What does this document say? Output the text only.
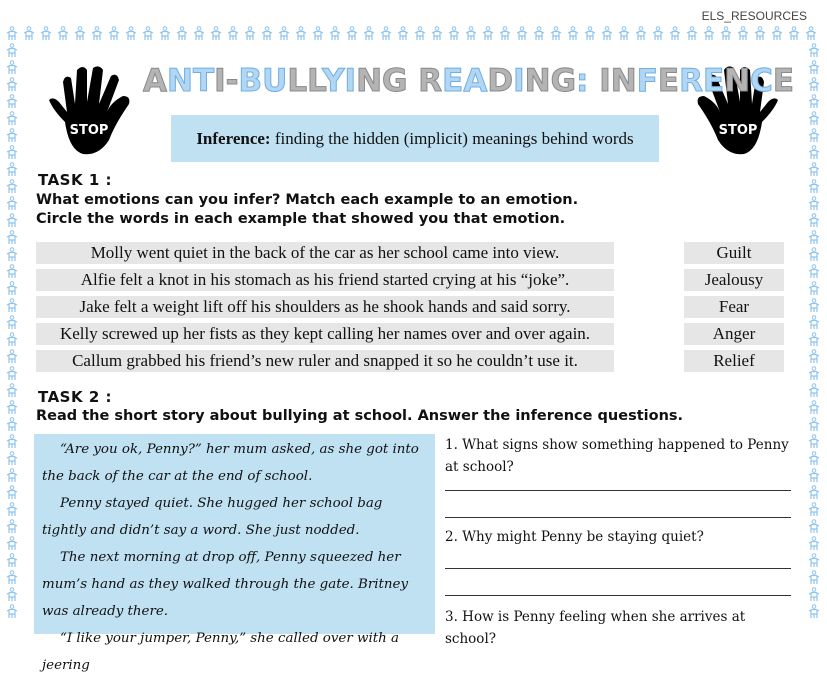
ELS_RESOURCES
STOP	STOP
ANTI-BULLYING READING: INFERENCE
Inference: finding the hidden (implicit) meanings behind words
TASK 1 :
What emotions can you infer? Match each example to an emotion.
Circle the words in each example that showed you that emotion.
Molly went quiet in the back of the car as her school came into view.
Alfie felt a knot in his stomach as his friend started crying at his “joke”.
Jake felt a weight lift off his shoulders as he shook hands and said sorry.
Kelly screwed up her fists as they kept calling her names over and over again.
Callum grabbed his friend’s new ruler and snapped it so he couldn’t use it.
Guilt
Jealousy
Fear
Anger
Relief
TASK 2 :
Read the short story about bullying at school. Answer the inference questions.

“Are you ok, Penny?” her mum asked, as she got into the back of the car at the end of school.

Penny stayed quiet. She hugged her school bag tightly and didn’t say a word. She just nodded.

The next morning at drop off, Penny squeezed her mum’s hand as they walked through the gate. Britney was already there.

“I like your jumper, Penny,” she called over with a jeering

1. What signs show something happened to Penny at school?
2. Why might Penny be staying quiet?
3. How is Penny feeling when she arrives at school?
